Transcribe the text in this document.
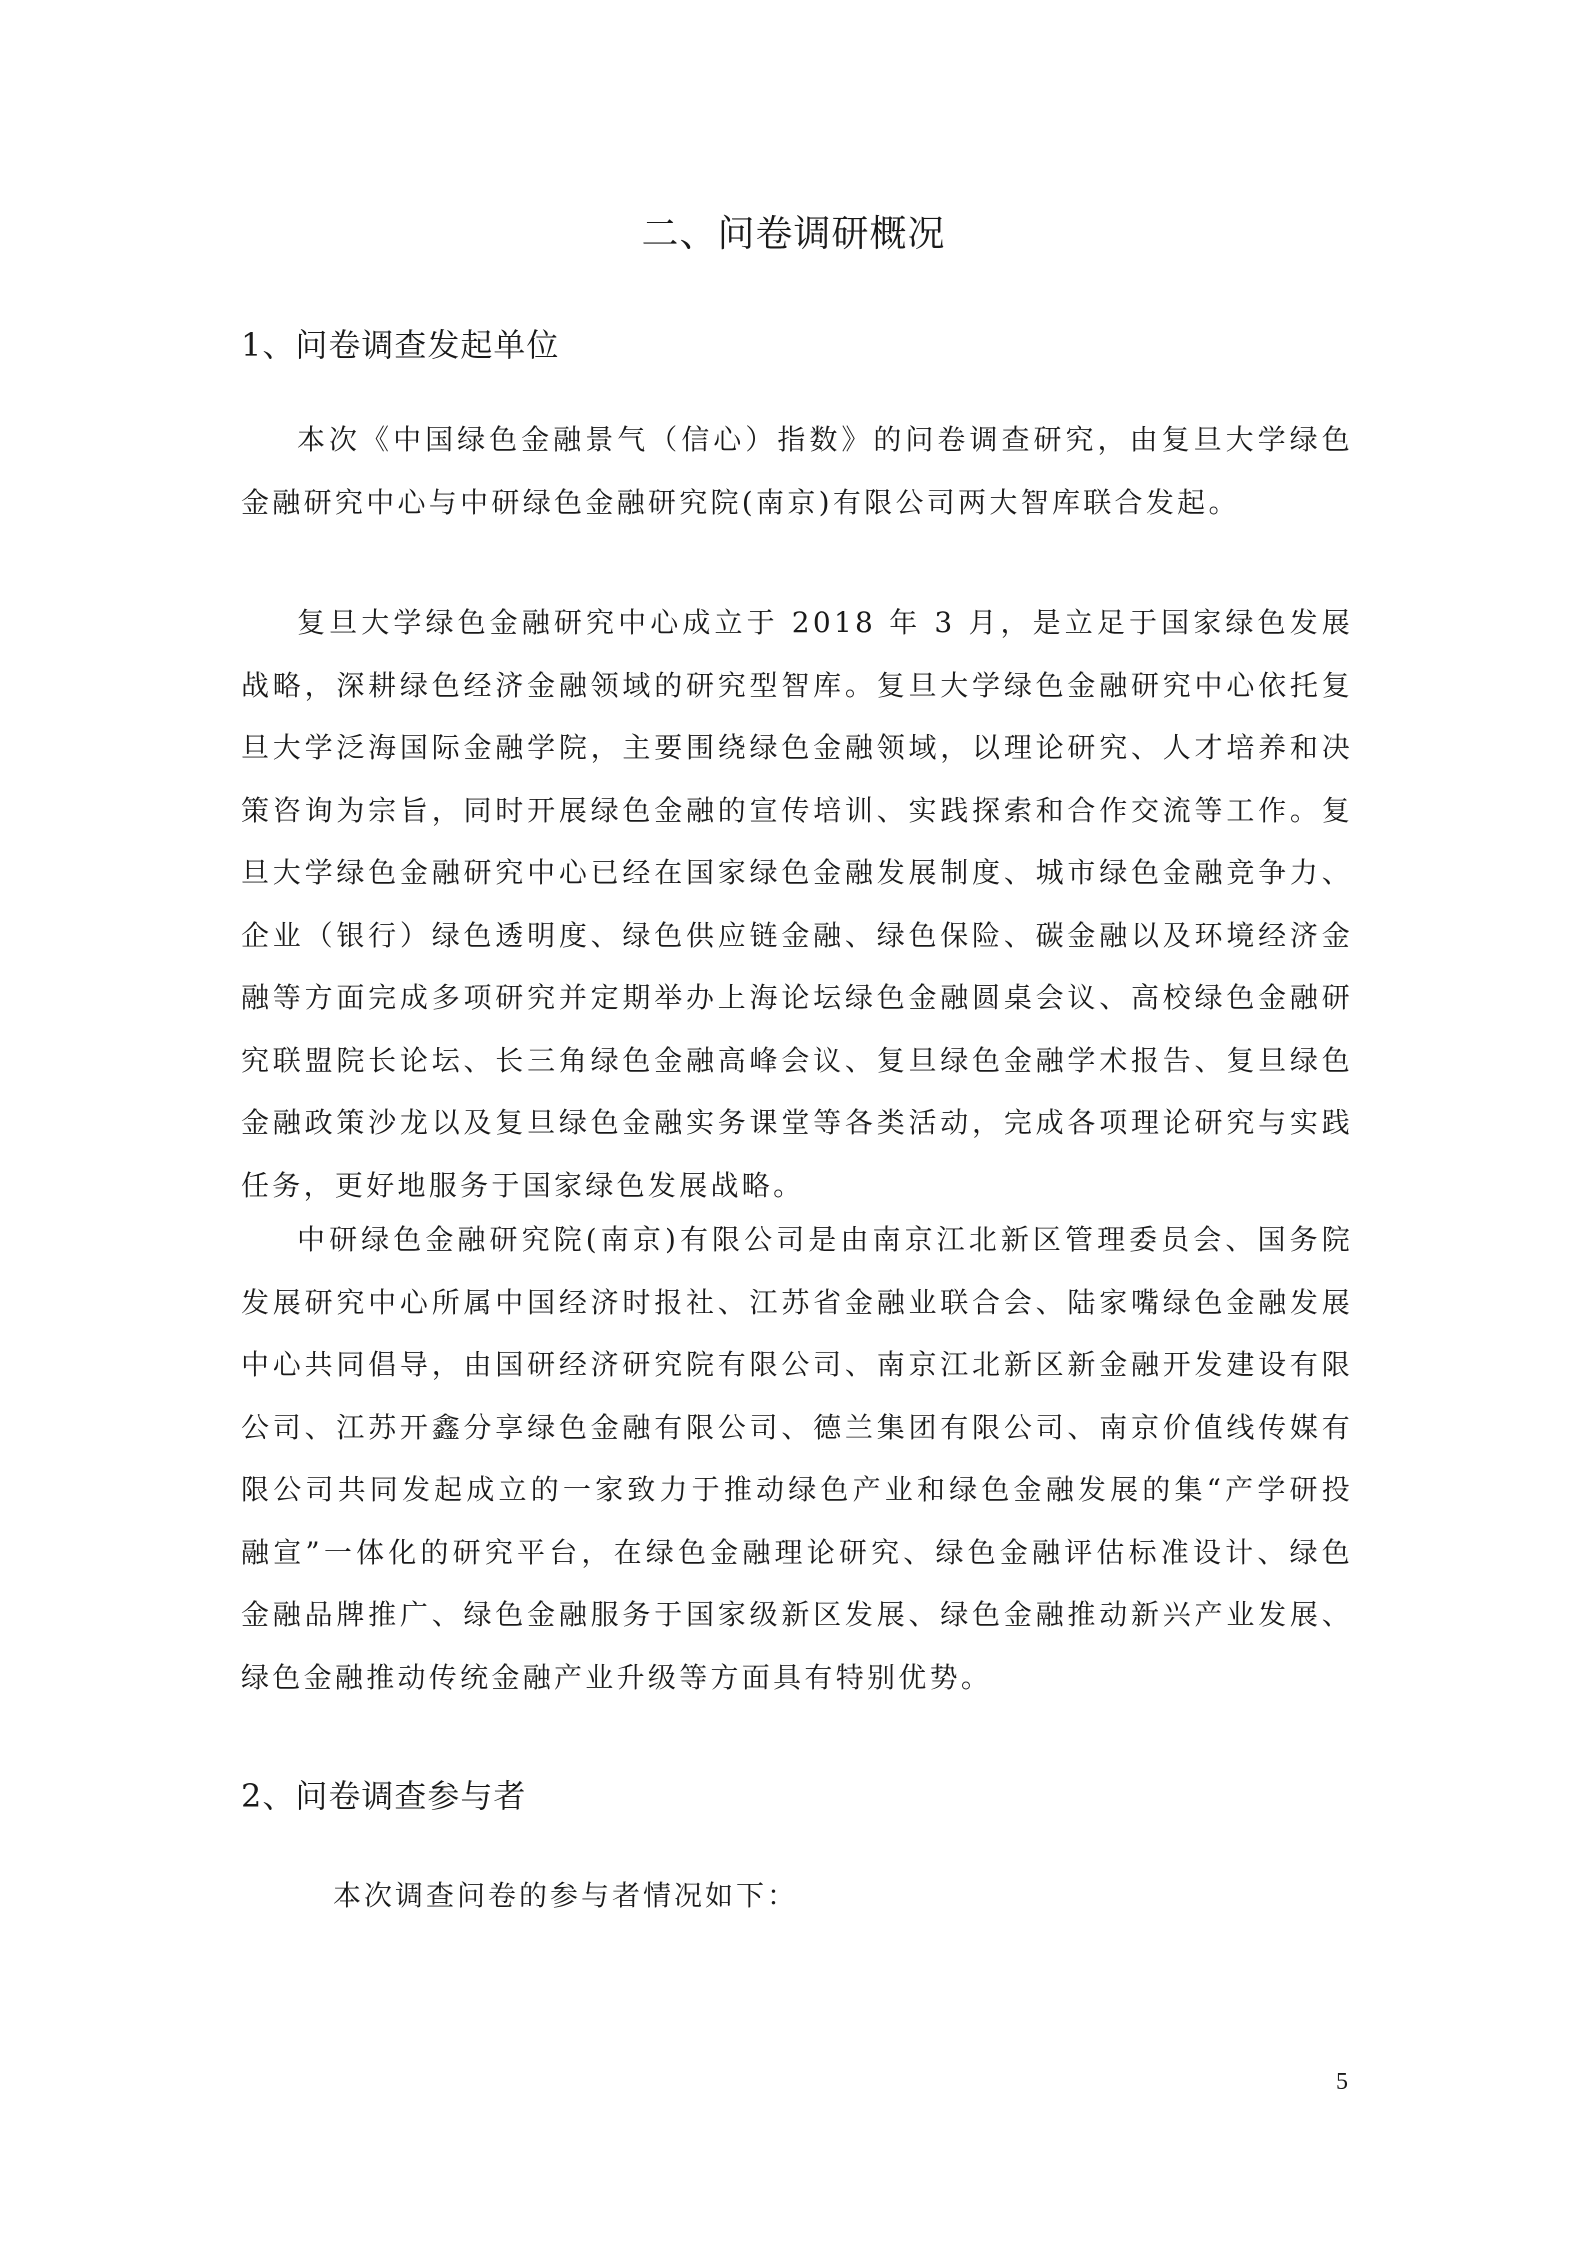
二、问卷调研概况
1、问卷调查发起单位

本次《中国绿色金融景气（信心）指数》的问卷调查研究，由复旦大学绿色金融研究中心与中研绿色金融研究院(南京)有限公司两大智库联合发起。

复旦大学绿色金融研究中心成立于 2018 年 3 月，是立足于国家绿色发展战略，深耕绿色经济金融领域的研究型智库。复旦大学绿色金融研究中心依托复旦大学泛海国际金融学院，主要围绕绿色金融领域，以理论研究、人才培养和决策咨询为宗旨，同时开展绿色金融的宣传培训、实践探索和合作交流等工作。复旦大学绿色金融研究中心已经在国家绿色金融发展制度、城市绿色金融竞争力、企业（银行）绿色透明度、绿色供应链金融、绿色保险、碳金融以及环境经济金融等方面完成多项研究并定期举办上海论坛绿色金融圆桌会议、高校绿色金融研究联盟院长论坛、长三角绿色金融高峰会议、复旦绿色金融学术报告、复旦绿色金融政策沙龙以及复旦绿色金融实务课堂等各类活动，完成各项理论研究与实践任务，更好地服务于国家绿色发展战略。

中研绿色金融研究院(南京)有限公司是由南京江北新区管理委员会、国务院发展研究中心所属中国经济时报社、江苏省金融业联合会、陆家嘴绿色金融发展中心共同倡导，由国研经济研究院有限公司、南京江北新区新金融开发建设有限公司、江苏开鑫分享绿色金融有限公司、德兰集团有限公司、南京价值线传媒有限公司共同发起成立的一家致力于推动绿色产业和绿色金融发展的集“产学研投融宣”一体化的研究平台，在绿色金融理论研究、绿色金融评估标准设计、绿色金融品牌推广、绿色金融服务于国家级新区发展、绿色金融推动新兴产业发展、绿色金融推动传统金融产业升级等方面具有特别优势。

2、问卷调查参与者
本次调查问卷的参与者情况如下：
5
